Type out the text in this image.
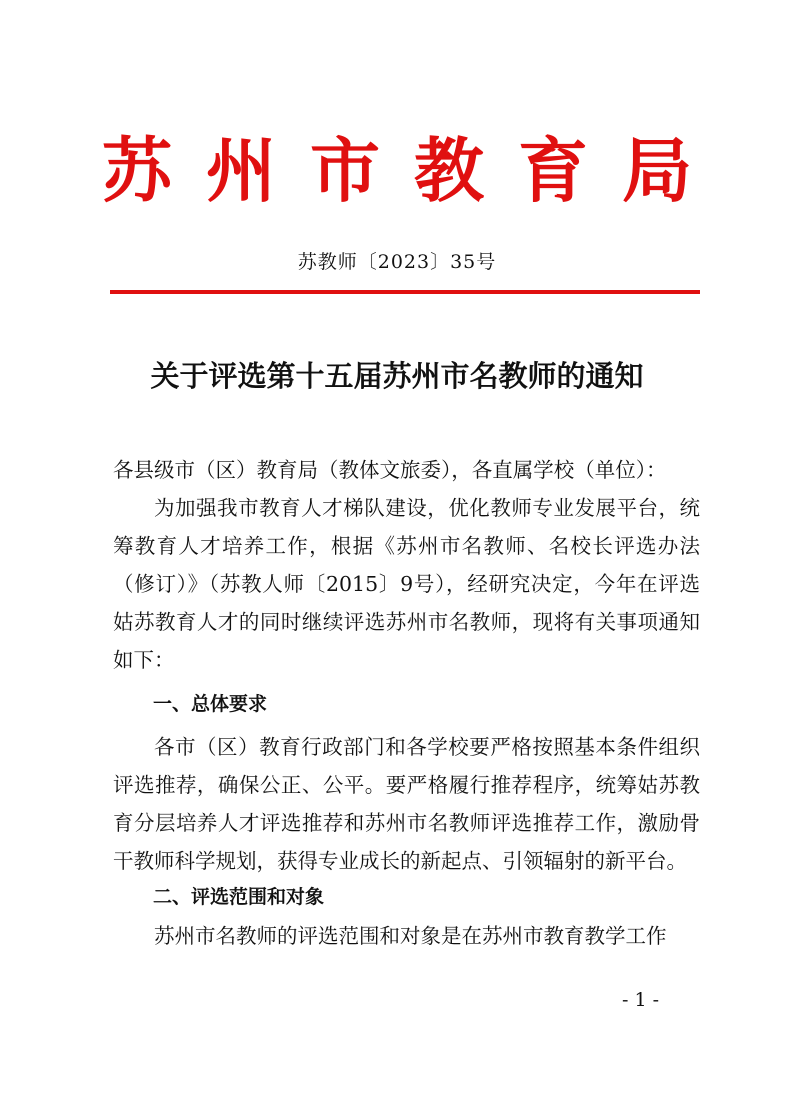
苏州市教育局
苏教师〔2023〕35号
关于评选第十五届苏州市名教师的通知
各县级市（区）教育局（教体文旅委），各直属学校（单位）：
为加强我市教育人才梯队建设，优化教师专业发展平台，统筹教育人才培养工作，根据《苏州市名教师、名校长评选办法（修订）》（苏教人师〔2015〕9号），经研究决定，今年在评选姑苏教育人才的同时继续评选苏州市名教师，现将有关事项通知如下：
一、总体要求
各市（区）教育行政部门和各学校要严格按照基本条件组织评选推荐，确保公正、公平。要严格履行推荐程序，统筹姑苏教育分层培养人才评选推荐和苏州市名教师评选推荐工作，激励骨干教师科学规划，获得专业成长的新起点、引领辐射的新平台。
二、评选范围和对象
苏州市名教师的评选范围和对象是在苏州市教育教学工作
- 1 -
